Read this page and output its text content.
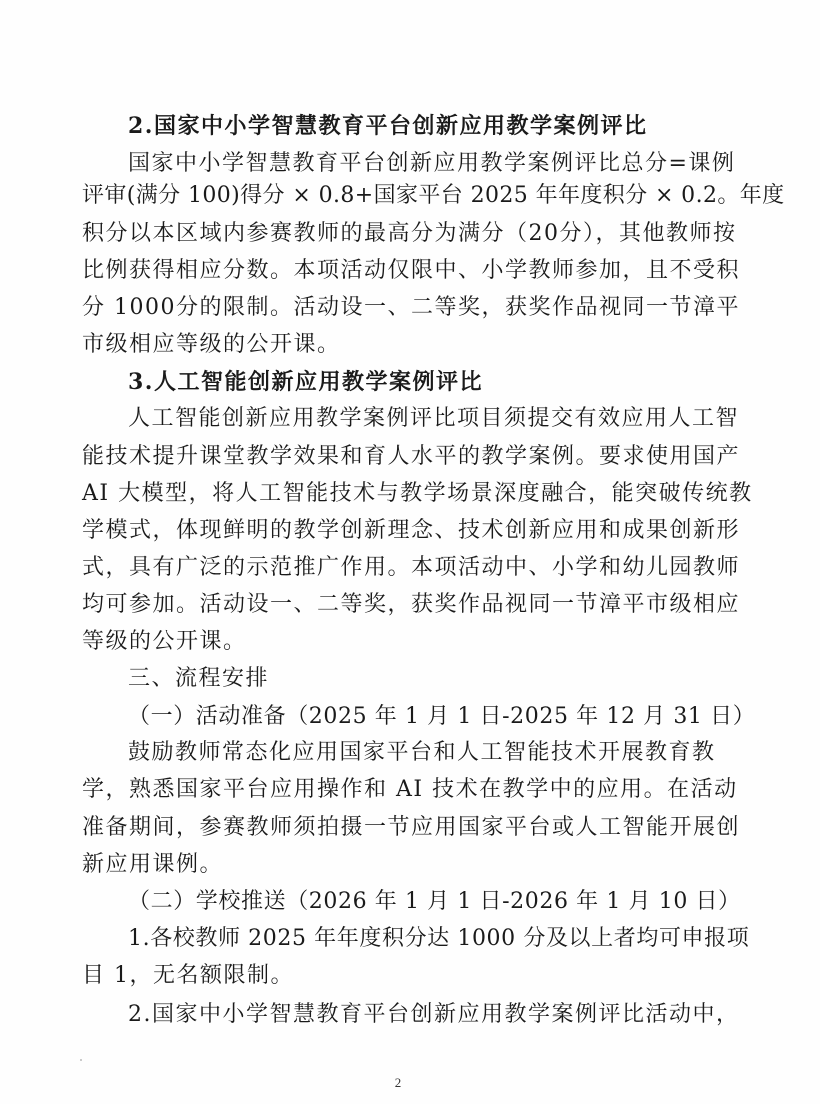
2.国家中小学智慧教育平台创新应用教学案例评比
国家中小学智慧教育平台创新应用教学案例评比总分=课例
评审(满分 100)得分 × 0.8+国家平台 2025 年年度积分 × 0.2。年度
积分以本区域内参赛教师的最高分为满分（20分），其他教师按
比例获得相应分数。本项活动仅限中、小学教师参加，且不受积
分 1000分的限制。活动设一、二等奖，获奖作品视同一节漳平
市级相应等级的公开课。
3.人工智能创新应用教学案例评比
人工智能创新应用教学案例评比项目须提交有效应用人工智
能技术提升课堂教学效果和育人水平的教学案例。要求使用国产
AI 大模型，将人工智能技术与教学场景深度融合，能突破传统教
学模式，体现鲜明的教学创新理念、技术创新应用和成果创新形
式，具有广泛的示范推广作用。本项活动中、小学和幼儿园教师
均可参加。活动设一、二等奖，获奖作品视同一节漳平市级相应
等级的公开课。
三、流程安排
（一）活动准备（2025 年 1 月 1 日-2025 年 12 月 31 日）
鼓励教师常态化应用国家平台和人工智能技术开展教育教
学，熟悉国家平台应用操作和 AI 技术在教学中的应用。在活动
准备期间，参赛教师须拍摄一节应用国家平台或人工智能开展创
新应用课例。
（二）学校推送（2026 年 1 月 1 日-2026 年 1 月 10 日）
1.各校教师 2025 年年度积分达 1000 分及以上者均可申报项
目 1，无名额限制。
2.国家中小学智慧教育平台创新应用教学案例评比活动中，
2
